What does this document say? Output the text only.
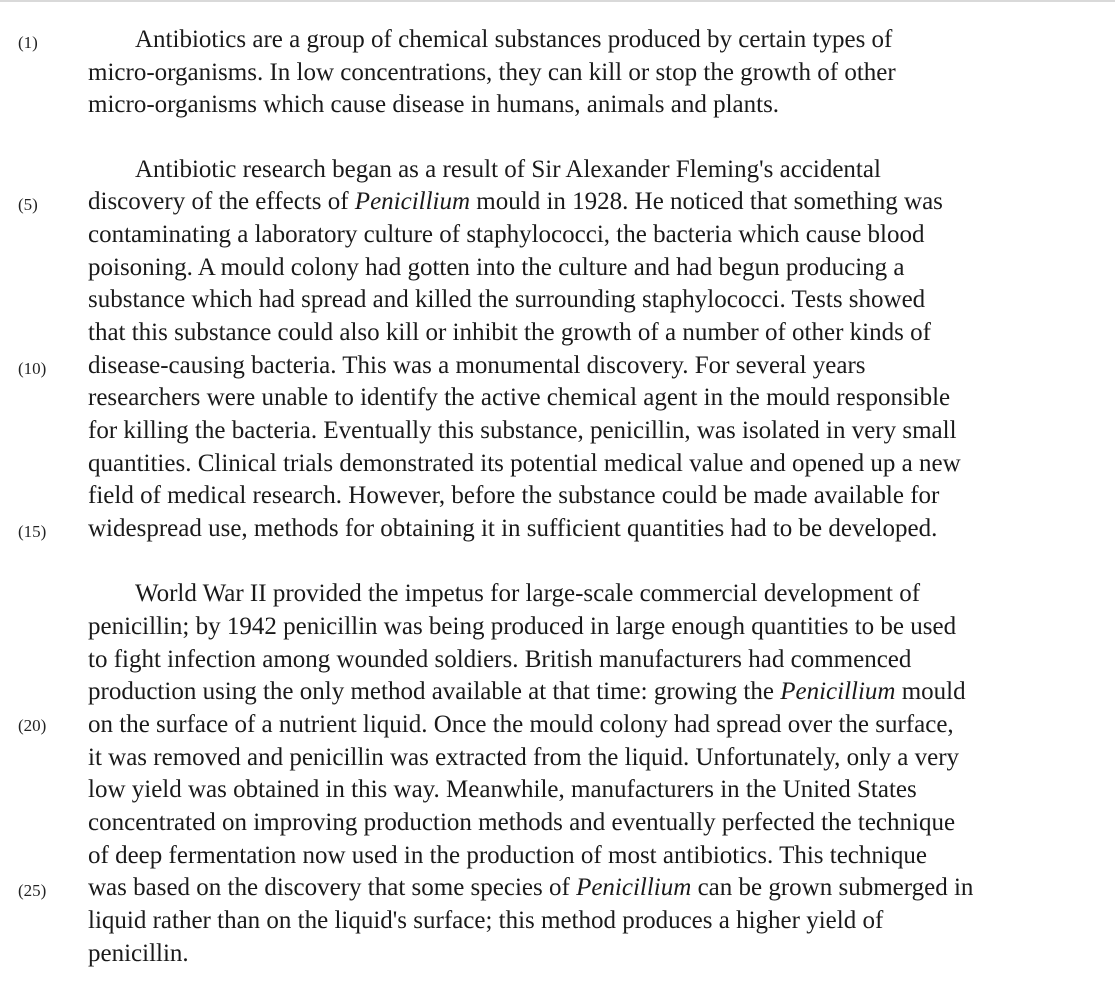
(1)
(5)
(10)
(15)
(20)
(25)
Antibiotics are a group of chemical substances produced by certain types of
micro-organisms. In low concentrations, they can kill or stop the growth of other
micro-organisms which cause disease in humans, animals and plants.
Antibiotic research began as a result of Sir Alexander Fleming's accidental
discovery of the effects of Penicillium mould in 1928. He noticed that something was
contaminating a laboratory culture of staphylococci, the bacteria which cause blood
poisoning. A mould colony had gotten into the culture and had begun producing a
substance which had spread and killed the surrounding staphylococci. Tests showed
that this substance could also kill or inhibit the growth of a number of other kinds of
disease-causing bacteria. This was a monumental discovery. For several years
researchers were unable to identify the active chemical agent in the mould responsible
for killing the bacteria. Eventually this substance, penicillin, was isolated in very small
quantities. Clinical trials demonstrated its potential medical value and opened up a new
field of medical research. However, before the substance could be made available for
widespread use, methods for obtaining it in sufficient quantities had to be developed.
World War II provided the impetus for large-scale commercial development of
penicillin; by 1942 penicillin was being produced in large enough quantities to be used
to fight infection among wounded soldiers. British manufacturers had commenced
production using the only method available at that time: growing the Penicillium mould
on the surface of a nutrient liquid. Once the mould colony had spread over the surface,
it was removed and penicillin was extracted from the liquid. Unfortunately, only a very
low yield was obtained in this way. Meanwhile, manufacturers in the United States
concentrated on improving production methods and eventually perfected the technique
of deep fermentation now used in the production of most antibiotics. This technique
was based on the discovery that some species of Penicillium can be grown submerged in
liquid rather than on the liquid's surface; this method produces a higher yield of
penicillin.
